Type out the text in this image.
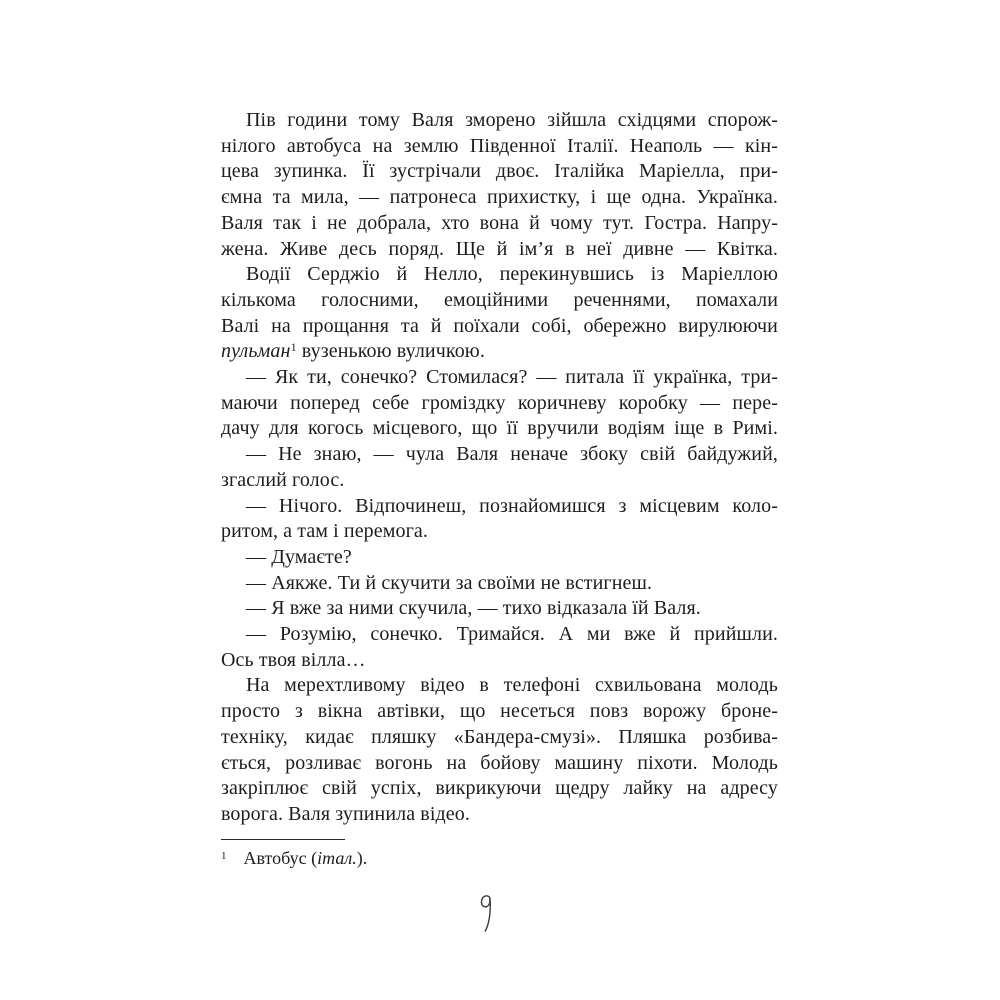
Пів години тому Валя зморено зійшла східцями спорож-
нілого автобуса на землю Південної Італії. Неаполь — кін-
цева зупинка. Її зустрічали двоє. Італійка Маріелла, при-
ємна та мила, — патронеса прихистку, і ще одна. Українка.
Валя так і не добрала, хто вона й чому тут. Гостра. Напру-
жена. Живе десь поряд. Ще й ім’я в неї дивне — Квітка.
Водії Серджіо й Нелло, перекинувшись із Маріеллою
кількома голосними, емоційними реченнями, помахали
Валі на прощання та й поїхали собі, обережно вирулюючи
пульман$^1$ вузенькою вуличкою.
— Як ти, сонечко? Стомилася? — питала її українка, три-
маючи поперед себе громіздку коричневу коробку — пере-
дачу для когось місцевого, що її вручили водіям іще в Римі.
— Не знаю, — чула Валя неначе збоку свій байдужий,
згаслий голос.
— Нічого. Відпочинеш, познайомишся з місцевим коло-
ритом, а там і перемога.
— Думаєте?
— Аякже. Ти й скучити за своїми не встигнеш.
— Я вже за ними скучила, — тихо відказала їй Валя.
— Розумію, сонечко. Тримайся. А ми вже й прийшли.
Ось твоя вілла…
На мерехтливому відео в телефоні схвильована молодь
просто з вікна автівки, що несеться повз ворожу броне-
техніку, кидає пляшку «Бандера-смузі». Пляшка розбива-
ється, розливає вогонь на бойову машину піхоти. Молодь
закріплює свій успіх, викрикуючи щедру лайку на адресу
ворога. Валя зупинила відео.
$^1$ Автобус (італ.).
